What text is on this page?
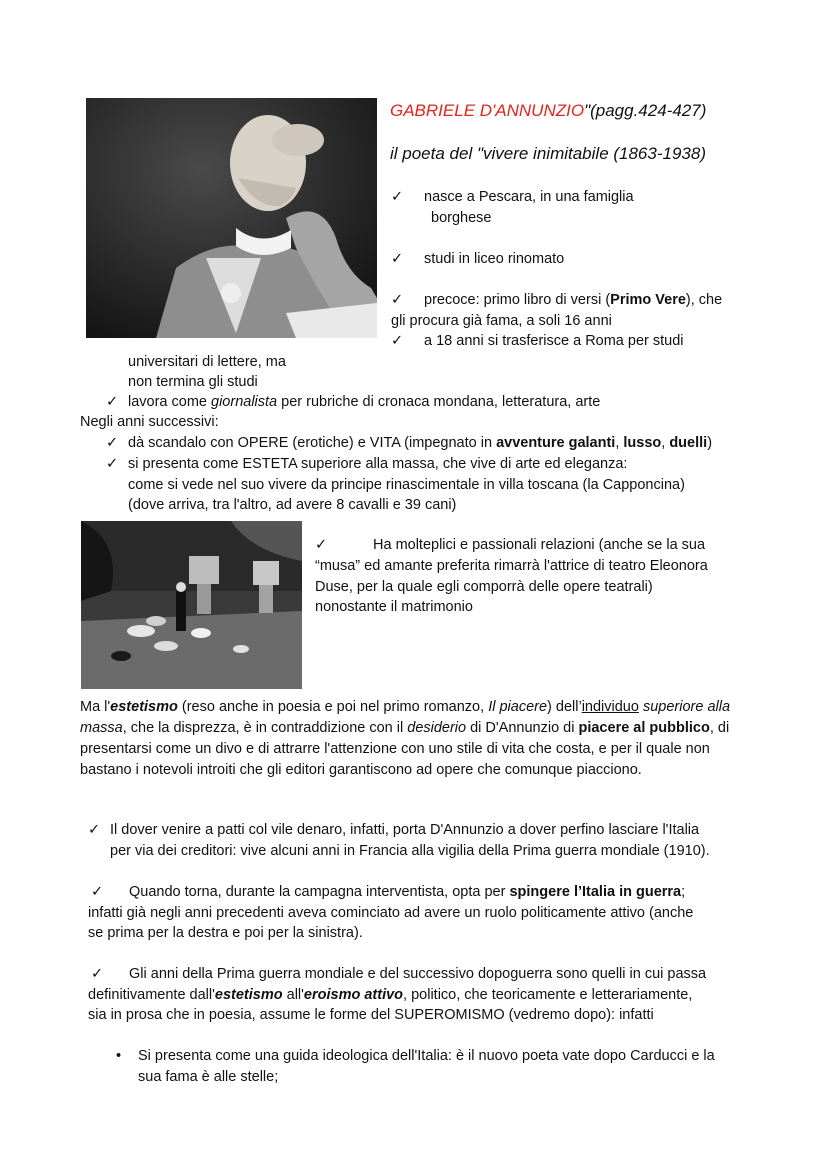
GABRIELE D'ANNUNZIO"(pagg.424-427)
il poeta del "vivere inimitabile (1863-1938)
✓ nasce a Pescara, in una famiglia
borghese
✓ studi in liceo rinomato
✓ precoce: primo libro di versi (Primo Vere), che
gli procura già fama, a soli 16 anni
✓ a 18 anni si trasferisce a Roma per studi
universitari di lettere, ma
non termina gli studi
✓ lavora come giornalista per rubriche di cronaca mondana, letteratura, arte
Negli anni successivi:
✓ dà scandalo con OPERE (erotiche) e VITA (impegnato in avventure galanti, lusso, duelli)
✓ si presenta come ESTETA superiore alla massa, che vive di arte ed eleganza:
come si vede nel suo vivere da principe rinascimentale in villa toscana (la Capponcina)
(dove arriva, tra l'altro, ad avere 8 cavalli e 39 cani)
✓	Ha molteplici e passionali relazioni (anche se la sua
“musa” ed amante preferita rimarrà l'attrice di teatro Eleonora
Duse, per la quale egli comporrà delle opere teatrali)
nonostante il matrimonio

Ma l'estetismo (reso anche in poesia e poi nel primo romanzo, Il piacere) dell’individuo superiore alla massa, che la disprezza, è in contraddizione con il desiderio di D'Annunzio di piacere al pubblico, di presentarsi come un divo e di attrarre l'attenzione con uno stile di vita che costa, e per il quale non bastano i notevoli introiti che gli editori garantiscono ad opere che comunque piacciono.

✓ Il dover venire a patti col vile denaro, infatti, porta D'Annunzio a dover perfino lasciare l'Italia
per via dei creditori: vive alcuni anni in Francia alla vigilia della Prima guerra mondiale (1910).
✓ Quando torna, durante la campagna interventista, opta per spingere l’Italia in guerra;
infatti già negli anni precedenti aveva cominciato ad avere un ruolo politicamente attivo (anche
se prima per la destra e poi per la sinistra).
✓ Gli anni della Prima guerra mondiale e del successivo dopoguerra sono quelli in cui passa
definitivamente dall'estetismo all'eroismo attivo, politico, che teoricamente e letterariamente,
sia in prosa che in poesia, assume le forme del SUPEROMISMO (vedremo dopo): infatti
• Si presenta come una guida ideologica dell'Italia: è il nuovo poeta vate dopo Carducci e la
sua fama è alle stelle;
